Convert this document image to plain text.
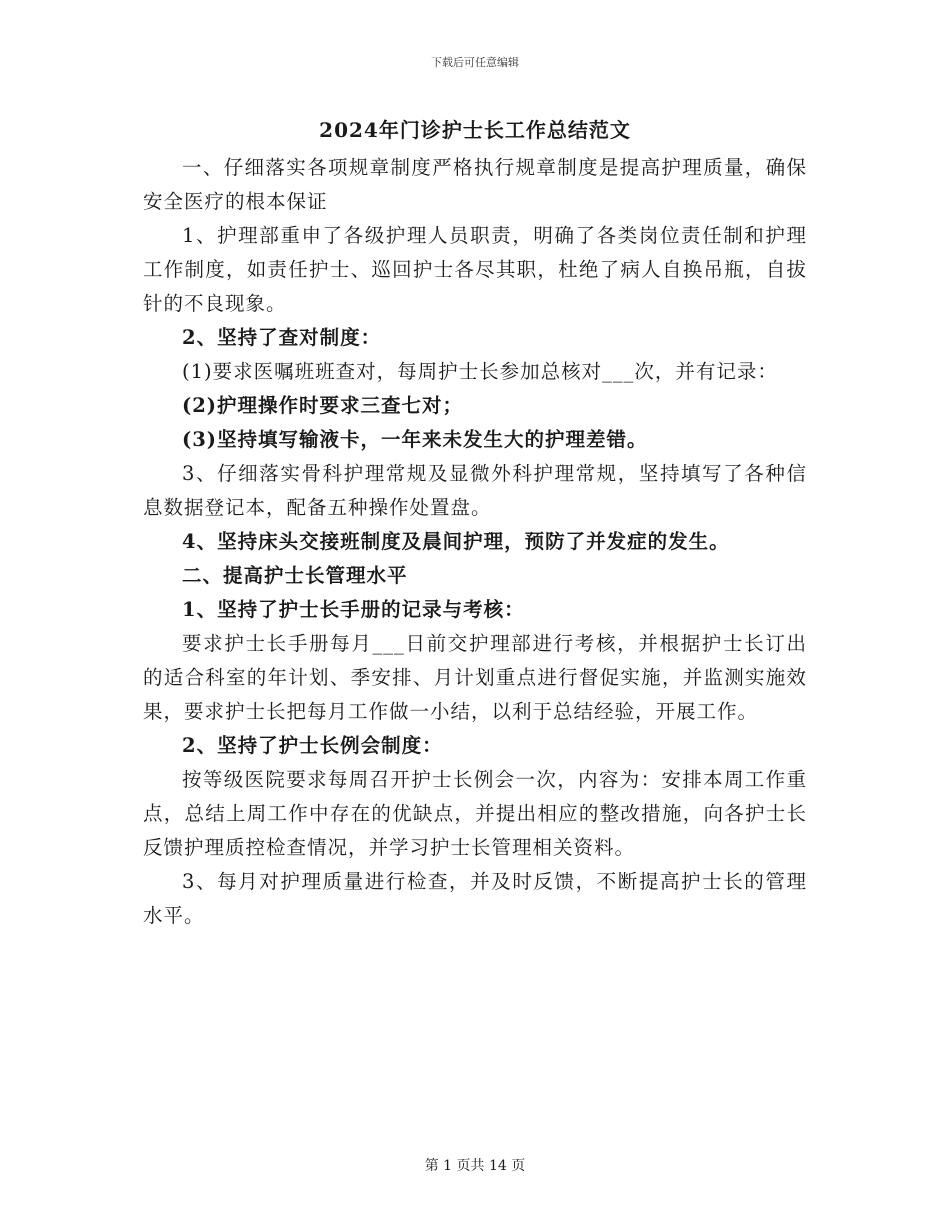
下载后可任意编辑
2024年门诊护士长工作总结范文

一、仔细落实各项规章制度严格执行规章制度是提高护理质量，确保安全医疗的根本保证

1、护理部重申了各级护理人员职责，明确了各类岗位责任制和护理工作制度，如责任护士、巡回护士各尽其职，杜绝了病人自换吊瓶，自拔针的不良现象。

2、坚持了查对制度：

(1)要求医嘱班班查对，每周护士长参加总核对___次，并有记录：

(2)护理操作时要求三查七对；

(3)坚持填写输液卡，一年来未发生大的护理差错。

3、仔细落实骨科护理常规及显微外科护理常规，坚持填写了各种信息数据登记本，配备五种操作处置盘。

4、坚持床头交接班制度及晨间护理，预防了并发症的发生。

二、提高护士长管理水平

1、坚持了护士长手册的记录与考核：

要求护士长手册每月___日前交护理部进行考核，并根据护士长订出的适合科室的年计划、季安排、月计划重点进行督促实施，并监测实施效果，要求护士长把每月工作做一小结，以利于总结经验，开展工作。

2、坚持了护士长例会制度：

按等级医院要求每周召开护士长例会一次，内容为：安排本周工作重点，总结上周工作中存在的优缺点，并提出相应的整改措施，向各护士长反馈护理质控检查情况，并学习护士长管理相关资料。

3、每月对护理质量进行检查，并及时反馈，不断提高护士长的管理水平。

第 1 页共 14 页
